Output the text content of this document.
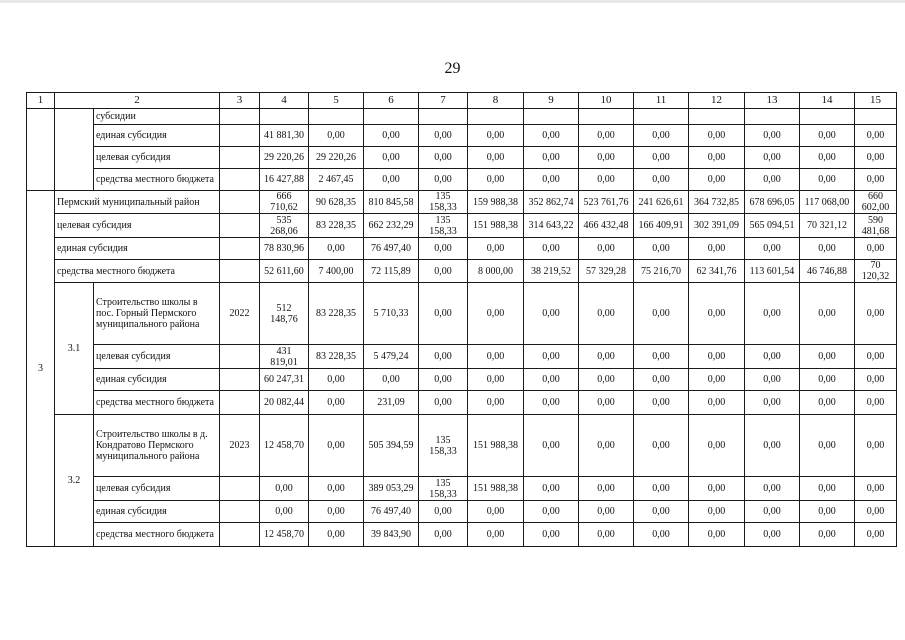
29
1	2		3	4	5	6	7	8	9	10	11	12	13	14	15
		субсидии													
		единая субсидия		41 881,30	0,00	0,00	0,00	0,00	0,00	0,00	0,00	0,00	0,00	0,00	0,00
		целевая субсидия		29 220,26	29 220,26	0,00	0,00	0,00	0,00	0,00	0,00	0,00	0,00	0,00	0,00
		средства местного бюджета		16 427,88	2 467,45	0,00	0,00	0,00	0,00	0,00	0,00	0,00	0,00	0,00	0,00
3	Пермский муниципальный район			666 710,62	90 628,35	810 845,58	135 158,33	159 988,38	352 862,74	523 761,76	241 626,61	364 732,85	678 696,05	117 068,00	660 602,00
	целевая субсидия			535 268,06	83 228,35	662 232,29	135 158,33	151 988,38	314 643,22	466 432,48	166 409,91	302 391,09	565 094,51	70 321,12	590 481,68
	единая субсидия			78 830,96	0,00	76 497,40	0,00	0,00	0,00	0,00	0,00	0,00	0,00	0,00	0,00
	средства местного бюджета			52 611,60	7 400,00	72 115,89	0,00	8 000,00	38 219,52	57 329,28	75 216,70	62 341,76	113 601,54	46 746,88	70 120,32
	3.1	Строительство школы в пос. Горный Пермского муниципального района	2022	512 148,76	83 228,35	5 710,33	0,00	0,00	0,00	0,00	0,00	0,00	0,00	0,00	0,00
		целевая субсидия		431 819,01	83 228,35	5 479,24	0,00	0,00	0,00	0,00	0,00	0,00	0,00	0,00	0,00
		единая субсидия		60 247,31	0,00	0,00	0,00	0,00	0,00	0,00	0,00	0,00	0,00	0,00	0,00
		средства местного бюджета		20 082,44	0,00	231,09	0,00	0,00	0,00	0,00	0,00	0,00	0,00	0,00	0,00
	3.2	Строительство школы в д. Кондратово Пермского муниципального района	2023	12 458,70	0,00	505 394,59	135 158,33	151 988,38	0,00	0,00	0,00	0,00	0,00	0,00	0,00
		целевая субсидия		0,00	0,00	389 053,29	135 158,33	151 988,38	0,00	0,00	0,00	0,00	0,00	0,00	0,00
		единая субсидия		0,00	0,00	76 497,40	0,00	0,00	0,00	0,00	0,00	0,00	0,00	0,00	0,00
		средства местного бюджета		12 458,70	0,00	39 843,90	0,00	0,00	0,00	0,00	0,00	0,00	0,00	0,00	0,00
